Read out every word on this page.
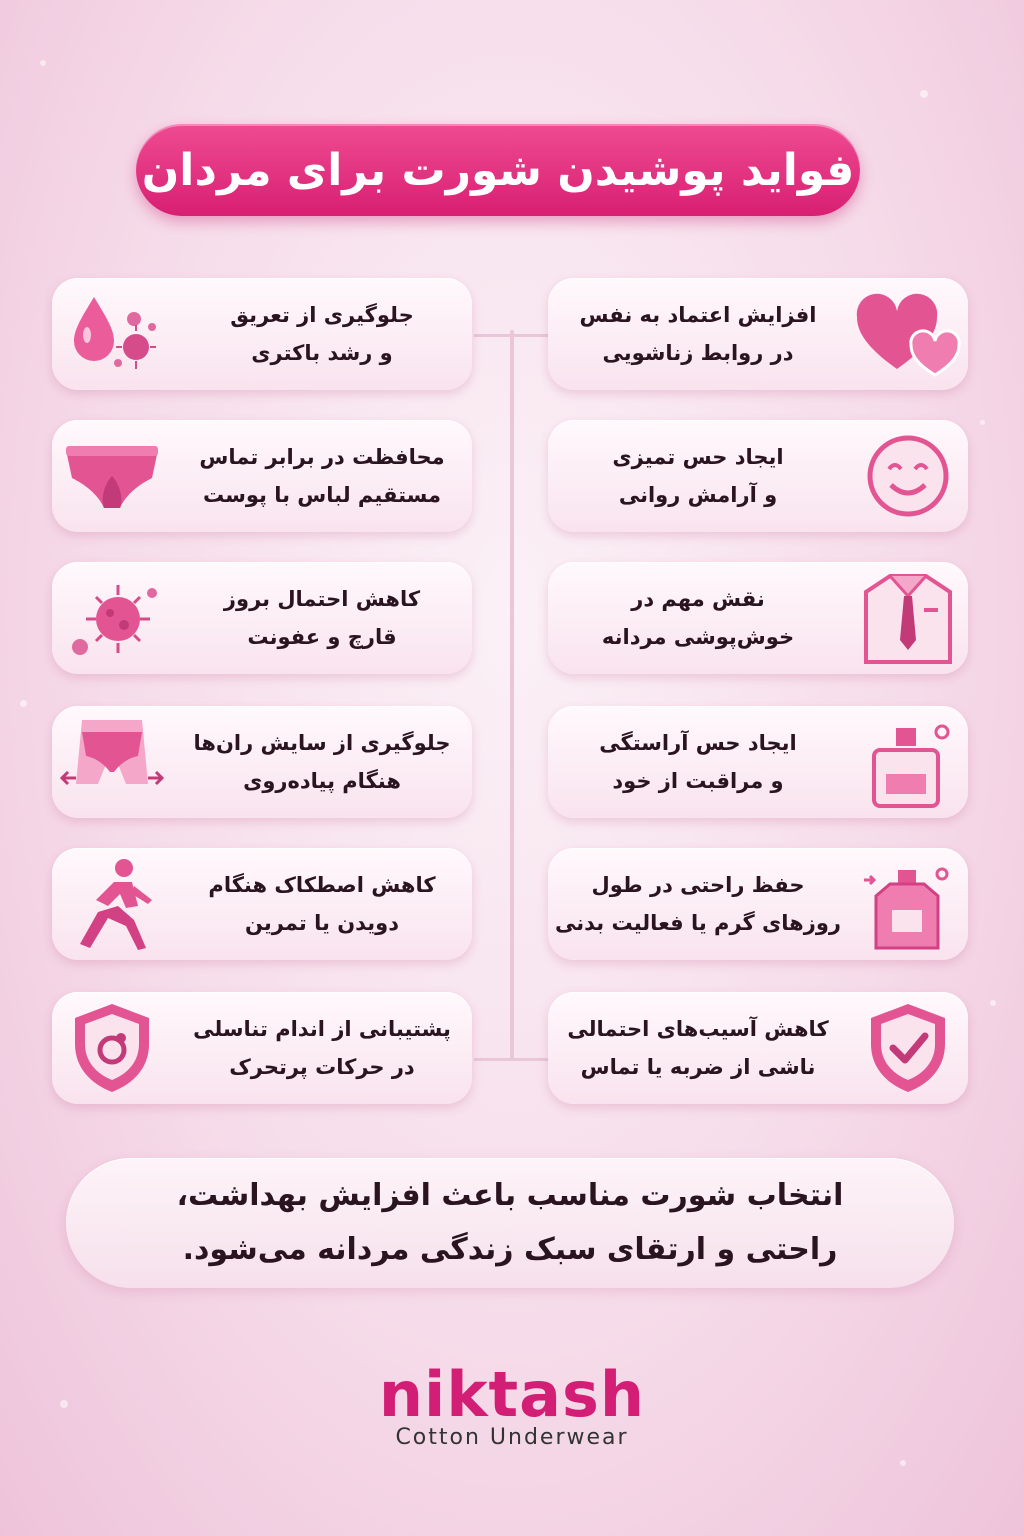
فواید پوشیدن شورت برای مردان
جلوگیری از تعریق
و رشد باکتری
محافظت در برابر تماس
مستقیم لباس با پوست
کاهش احتمال بروز
قارچ و عفونت
جلوگیری از سایش ران‌ها
هنگام پیاده‌روی
کاهش اصطکاک هنگام
دویدن یا تمرین
پشتیبانی از اندام تناسلی
در حرکات پرتحرک
افزایش اعتماد به نفس
در روابط زناشویی
ایجاد حس تمیزی
و آرامش روانی
نقش مهم در
خوش‌پوشی مردانه
ایجاد حس آراستگی
و مراقبت از خود
حفظ راحتی در طول
روزهای گرم یا فعالیت بدنی
کاهش آسیب‌های احتمالی
ناشی از ضربه یا تماس
انتخاب شورت مناسب باعث افزایش بهداشت،
راحتی و ارتقای سبک زندگی مردانه می‌شود.
niktash
Cotton Underwear
